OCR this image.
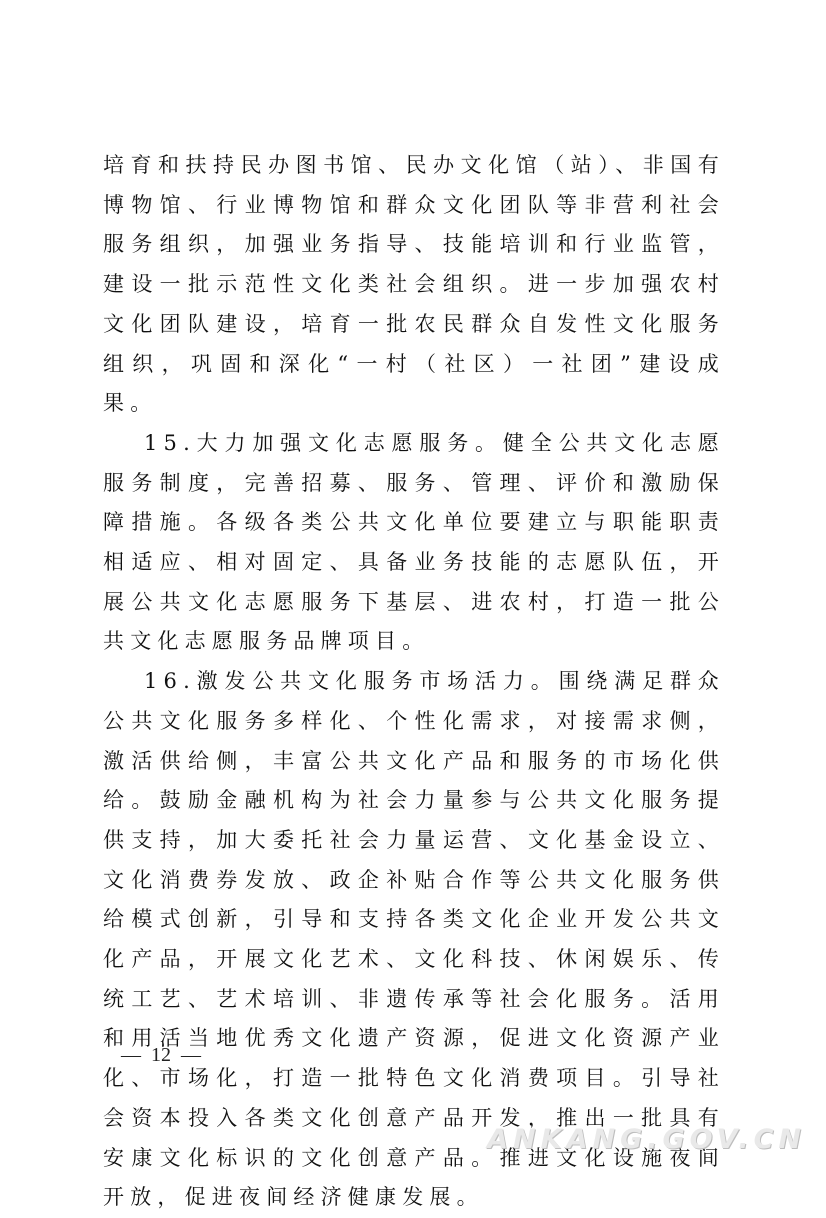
培育和扶持民办图书馆、民办文化馆（站）、非国有博物馆、行业博物馆和群众文化团队等非营利社会服务组织，加强业务指导、技能培训和行业监管，建设一批示范性文化类社会组织。进一步加强农村文化团队建设，培育一批农民群众自发性文化服务组织，巩固和深化“一村（社区）一社团”建设成果。

15.大力加强文化志愿服务。健全公共文化志愿服务制度，完善招募、服务、管理、评价和激励保障措施。各级各类公共文化单位要建立与职能职责相适应、相对固定、具备业务技能的志愿队伍，开展公共文化志愿服务下基层、进农村，打造一批公共文化志愿服务品牌项目。

16.激发公共文化服务市场活力。围绕满足群众公共文化服务多样化、个性化需求，对接需求侧，激活供给侧，丰富公共文化产品和服务的市场化供给。鼓励金融机构为社会力量参与公共文化服务提供支持，加大委托社会力量运营、文化基金设立、文化消费券发放、政企补贴合作等公共文化服务供给模式创新，引导和支持各类文化企业开发公共文化产品，开展文化艺术、文化科技、休闲娱乐、传统工艺、艺术培训、非遗传承等社会化服务。活用和用活当地优秀文化遗产资源，促进文化资源产业化、市场化，打造一批特色文化消费项目。引导社会资本投入各类文化创意产品开发，推出一批具有安康文化标识的文化创意产品。推进文化设施夜间开放，促进夜间经济健康发展。

—  12  —
ANKANG.GOV.CN
